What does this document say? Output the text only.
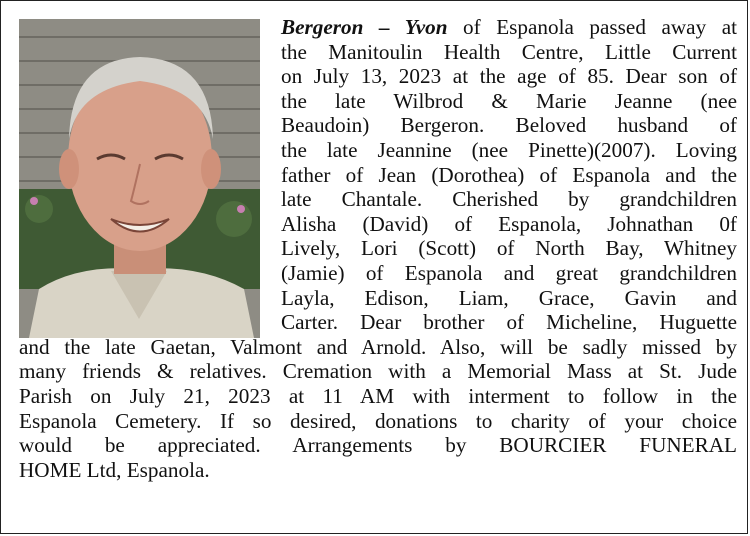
Bergeron – Yvon of Espanola passed away at
the Manitoulin Health Centre, Little Current
on July 13, 2023 at the age of 85. Dear son of
the late Wilbrod & Marie Jeanne (nee
Beaudoin) Bergeron. Beloved husband of
the late Jeannine (nee Pinette)(2007). Loving
father of Jean (Dorothea) of Espanola and the
late Chantale. Cherished by grandchildren
Alisha (David) of Espanola, Johnathan 0f
Lively, Lori (Scott) of North Bay, Whitney
(Jamie) of Espanola and great grandchildren
Layla, Edison, Liam, Grace, Gavin and
Carter. Dear brother of Micheline, Huguette
and the late Gaetan, Valmont and Arnold. Also, will be sadly missed by
many friends & relatives. Cremation with a Memorial Mass at St. Jude
Parish on July 21, 2023 at 11 AM with interment to follow in the
Espanola Cemetery. If so desired, donations to charity of your choice
would be appreciated. Arrangements by BOURCIER FUNERAL
HOME Ltd, Espanola.
